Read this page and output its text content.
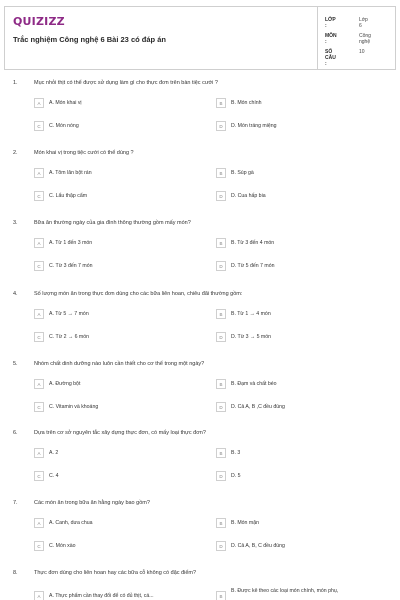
QUIZIZZ
Trắc nghiệm Công nghệ 6 Bài 23 có đáp án
LỚP :
Lớp 6
MÔN :
Công nghệ
SỐ CÂU :
10
1.	Mục nhỏi thịt có thể được sử dụng làm gì cho thực đơn trên bàn tiệc cưới ?
A	A. Món khai vị	B	B. Món chính
C	C. Món nóng	D	D. Món tráng miệng
2.	Món khai vị trong tiệc cưới có thể dùng ?
A	A. Tôm lăn bột rán	B	B. Súp gà
C	C. Lẩu thập cẩm	D	D. Cua hấp bia
3.	Bữa ăn thường ngày của gia đình thông thường gồm mấy món?
A	A. Từ 1 đến 3 món	B	B. Từ 3 đến 4 món
C	C. Từ 3 đến 7 món	D	D. Từ 5 đến 7 món
4.	Số lượng món ăn trong thực đơn dùng cho các bữa liên hoan, chiêu đãi thường gồm:
A	A. Từ 5 → 7 món	B	B. Từ 1 → 4 món
C	C. Từ 2 → 6 món	D	D. Từ 3 → 5 món
5.	Nhóm chất dinh dưỡng nào luôn cần thiết cho cơ thể trong một ngày?
A	A. Đường bột	B	B. Đạm và chất béo
C	C. Vitamin và khoáng	D	D. Cả A, B ,C đều đúng
6.	Dựa trên cơ sở nguyên tắc xây dựng thực đơn, có mấy loại thực đơn?
A	A. 2	B	B. 3
C	C. 4	D	D. 5
7.	Các món ăn trong bữa ăn hằng ngày bao gồm?
A	A. Canh, dưa chua	B	B. Món mặn
C	C. Món xào	D	D. Cả A, B, C đều đúng
8.	Thực đơn dùng cho liên hoan hay các bữa cỗ không có đặc điểm?
A	A. Thực phẩm cần thay đổi để có đủ thịt, cá...	B
B. Được kê theo các loại món chính, món phụ,
